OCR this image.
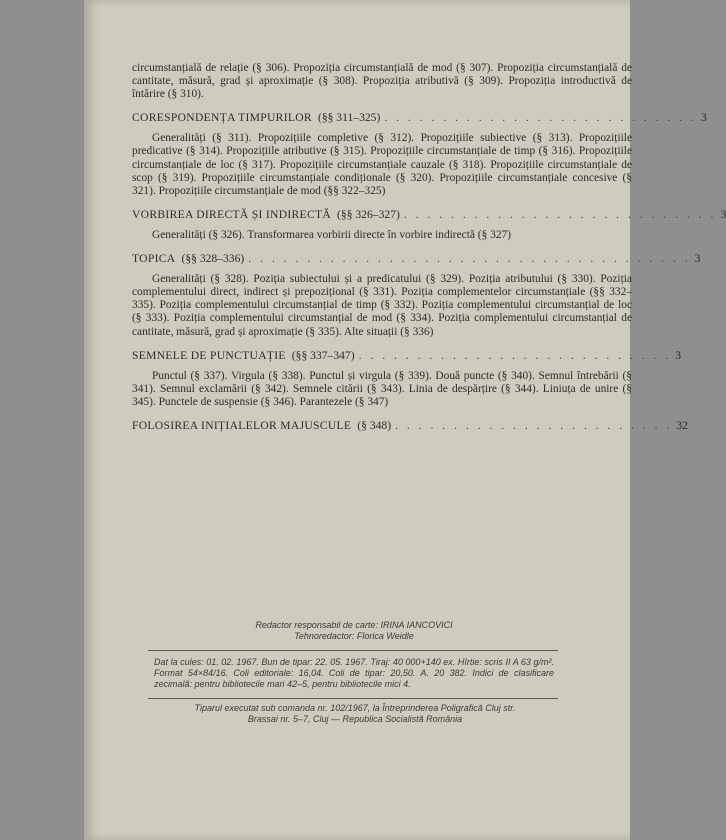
circumstanțială de relație (§ 306). Propoziția circumstanțială de mod (§ 307). Propoziția circumstanțială de cantitate, măsură, grad și aproximație (§ 308). Propoziția atributivă (§ 309). Propoziția introductivă de întărire (§ 310).

CORESPONDENȚA TIMPURILOR (§§ 311–325) . . . . . . . . . . . . . . . . . . . . . . . . . . . 3

Generalități (§ 311). Propozițiile completive (§ 312). Propozițiile subiective (§ 313). Propozițiile predicative (§ 314). Propozițiile atributive (§ 315). Propozițiile circumstanțiale de timp (§ 316). Propozițiile circumstanțiale de loc (§ 317). Propozițiile circumstanțiale cauzale (§ 318). Propozițiile circumstanțiale de scop (§ 319). Propozițiile circumstanțiale condiționale (§ 320). Propozițiile circumstanțiale concesive (§ 321). Propozițiile circumstanțiale de mod (§§ 322–325)

VORBIREA DIRECTĂ ȘI INDIRECTĂ (§§ 326–327) . . . . . . . . . . . . . . . . . . . . . . . . . . . 3

Generalități (§ 326). Transformarea vorbirii directe în vorbire indirectă (§ 327)

TOPICA (§§ 328–336) . . . . . . . . . . . . . . . . . . . . . . . . . . . . . . . . . . . . . . 3

Generalități (§ 328). Poziția subiectului și a predicatului (§ 329). Poziția atributului (§ 330). Poziția complementului direct, indirect și prepozițional (§ 331). Poziția complementelor circumstanțiale (§§ 332–335). Poziția complementului circumstanțial de timp (§ 332). Poziția complementului circumstanțial de loc (§ 333). Poziția complementului circumstanțial de mod (§ 334). Poziția complementului circumstanțial de cantitate, măsură, grad și aproximație (§ 335). Alte situații (§ 336)

SEMNELE DE PUNCTUAȚIE (§§ 337–347) . . . . . . . . . . . . . . . . . . . . . . . . . . . 3

Punctul (§ 337). Virgula (§ 338). Punctul și virgula (§ 339). Două puncte (§ 340). Semnul întrebării (§ 341). Semnul exclamării (§ 342). Semnele citării (§ 343). Linia de despărțire (§ 344). Liniuța de unire (§ 345). Punctele de suspensie (§ 346). Parantezele (§ 347)

FOLOSIREA INIȚIALELOR MAJUSCULE (§ 348) . . . . . . . . . . . . . . . . . . . . . . . . 32
Redactor responsabil de carte: IRINA IANCOVICI
Tehnoredactor: Florica Weidle
Dat la cules: 01. 02. 1967. Bun de tipar: 22. 05. 1967. Tiraj: 40 000+140 ex. Hîrtie: scris II A 63 g/m². Format 54×84/16. Coli editoriale: 16,04. Coli de tipar: 20,50. A. 20 382. Indici de clasificare zecimală: pentru bibliotecile mari 42–5, pentru bibliotecile mici 4.
Tiparul executat sub comanda nr. 102/1967, la Întreprinderea Poligrafică Cluj str. Brassai nr. 5–7, Cluj — Republica Socialistă România
